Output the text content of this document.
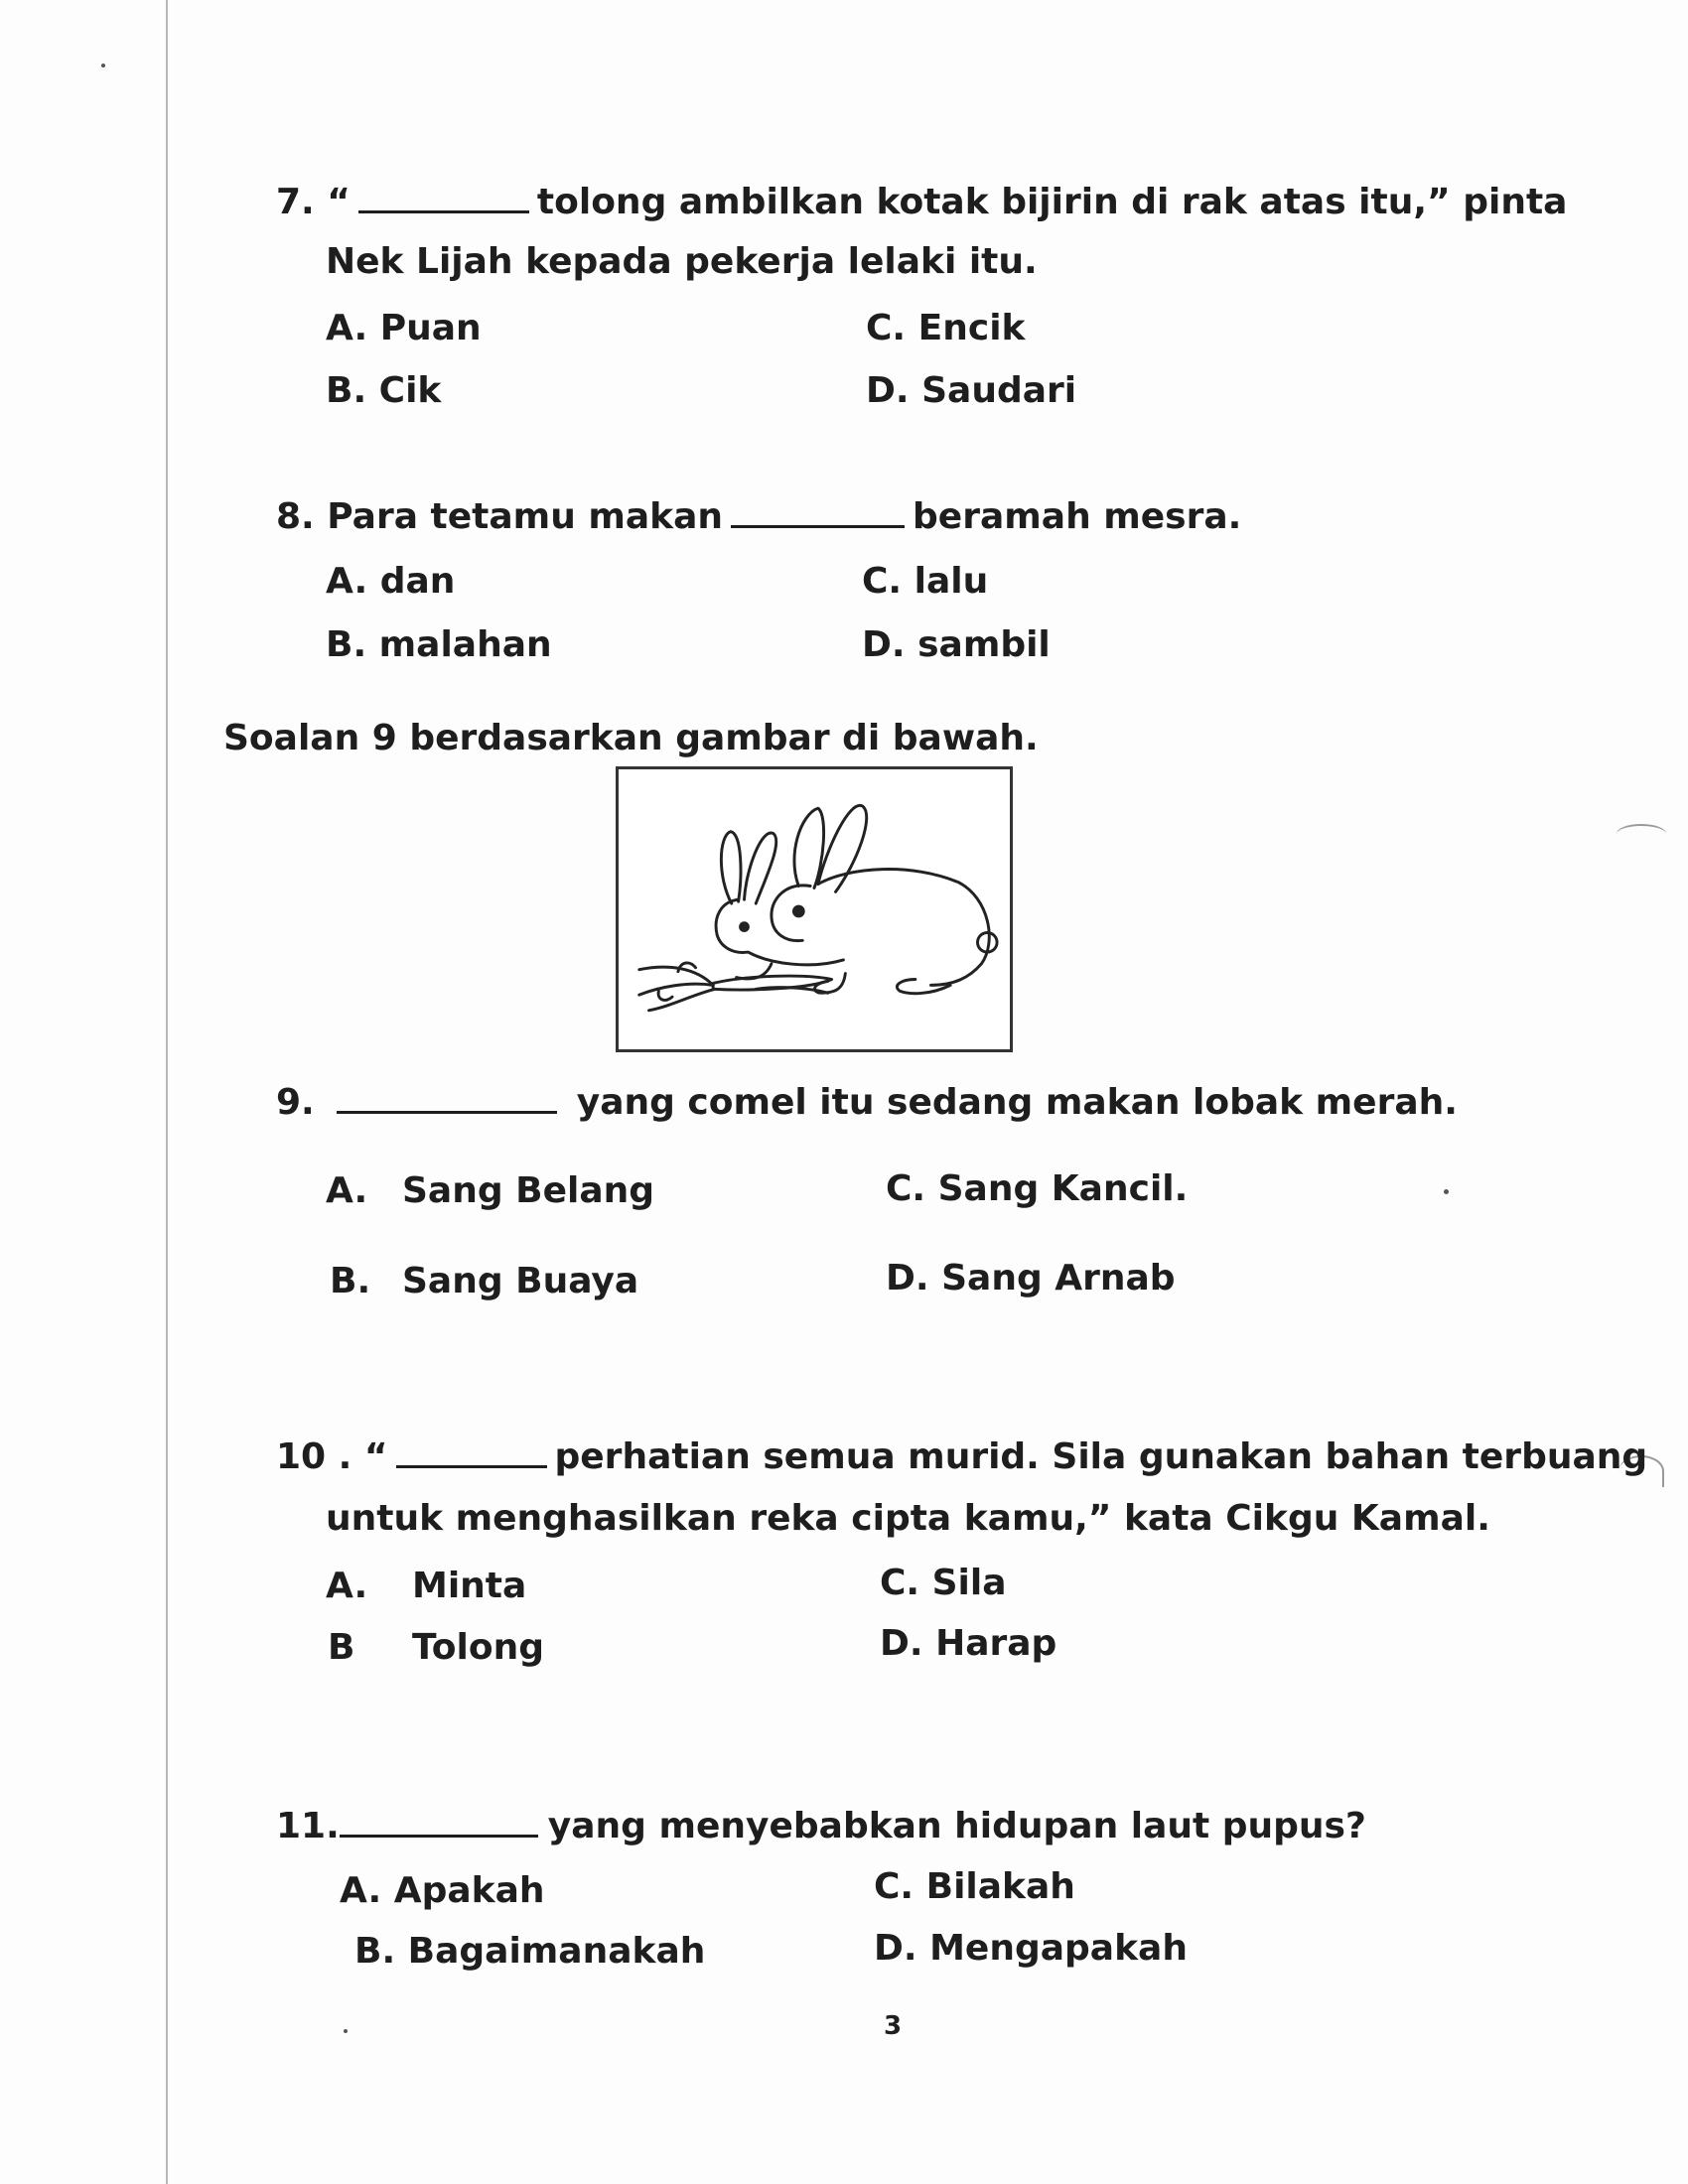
7. “	tolong ambilkan kotak bijirin di rak atas itu,” pinta
Nek Lijah kepada pekerja lelaki itu.
A. Puan	C. Encik
B. Cik	D. Saudari
8. Para tetamu makan	beramah mesra.
A. dan	C. lalu
B. malahan	D. sambil
Soalan 9 berdasarkan gambar di bawah.
9.	yang comel itu sedang makan lobak merah.
A. Sang Belang	C. Sang Kancil.
B. Sang Buaya	D. Sang Arnab
10 . “	perhatian semua murid. Sila gunakan bahan terbuang
untuk menghasilkan reka cipta kamu,” kata Cikgu Kamal.
A. Minta	C. Sila
B Tolong	D. Harap
11.	yang menyebabkan hidupan laut pupus?
A. Apakah	C. Bilakah
B. Bagaimanakah	D. Mengapakah
3
